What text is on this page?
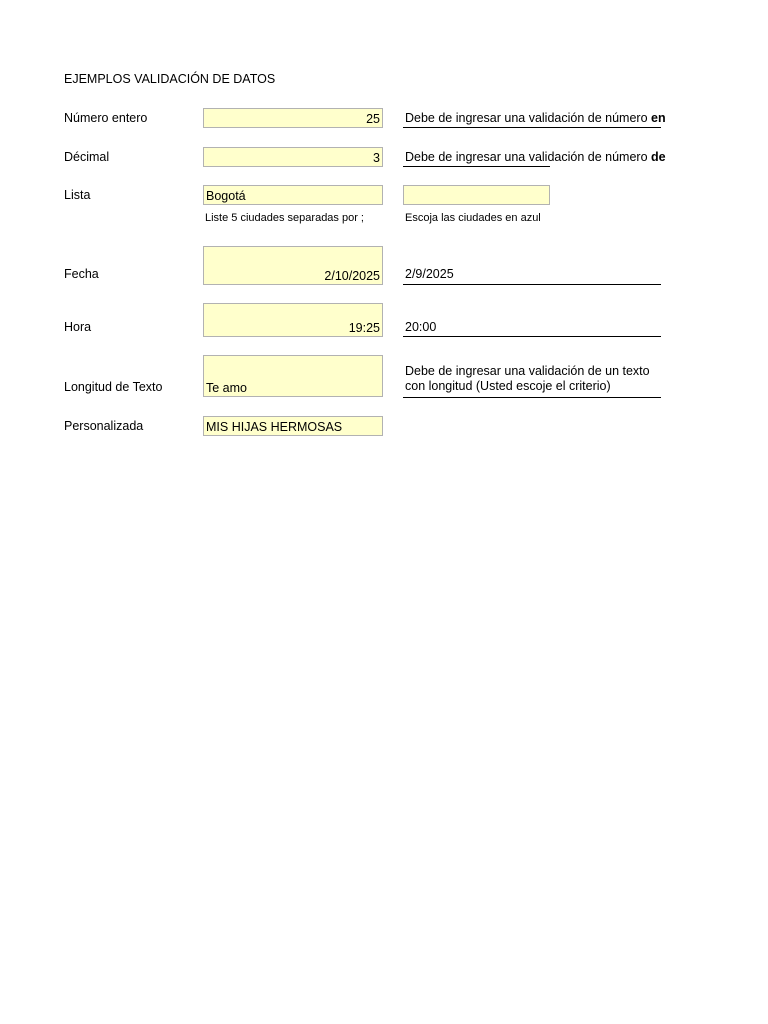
EJEMPLOS VALIDACIÓN DE DATOS
Número entero	25 Debe de ingresar una validación de número en
Décimal	3 Debe de ingresar una validación de número de
Lista	Bogotá
Liste 5 ciudades separadas por ;	Escoja las ciudades en azul
Fecha	2/10/2025 2/9/2025
Hora	19:25 20:00
Longitud de Texto	Te amo
Debe de ingresar una validación de un texto
con longitud (Usted escoje el criterio)
Personalizada	MIS HIJAS HERMOSAS
